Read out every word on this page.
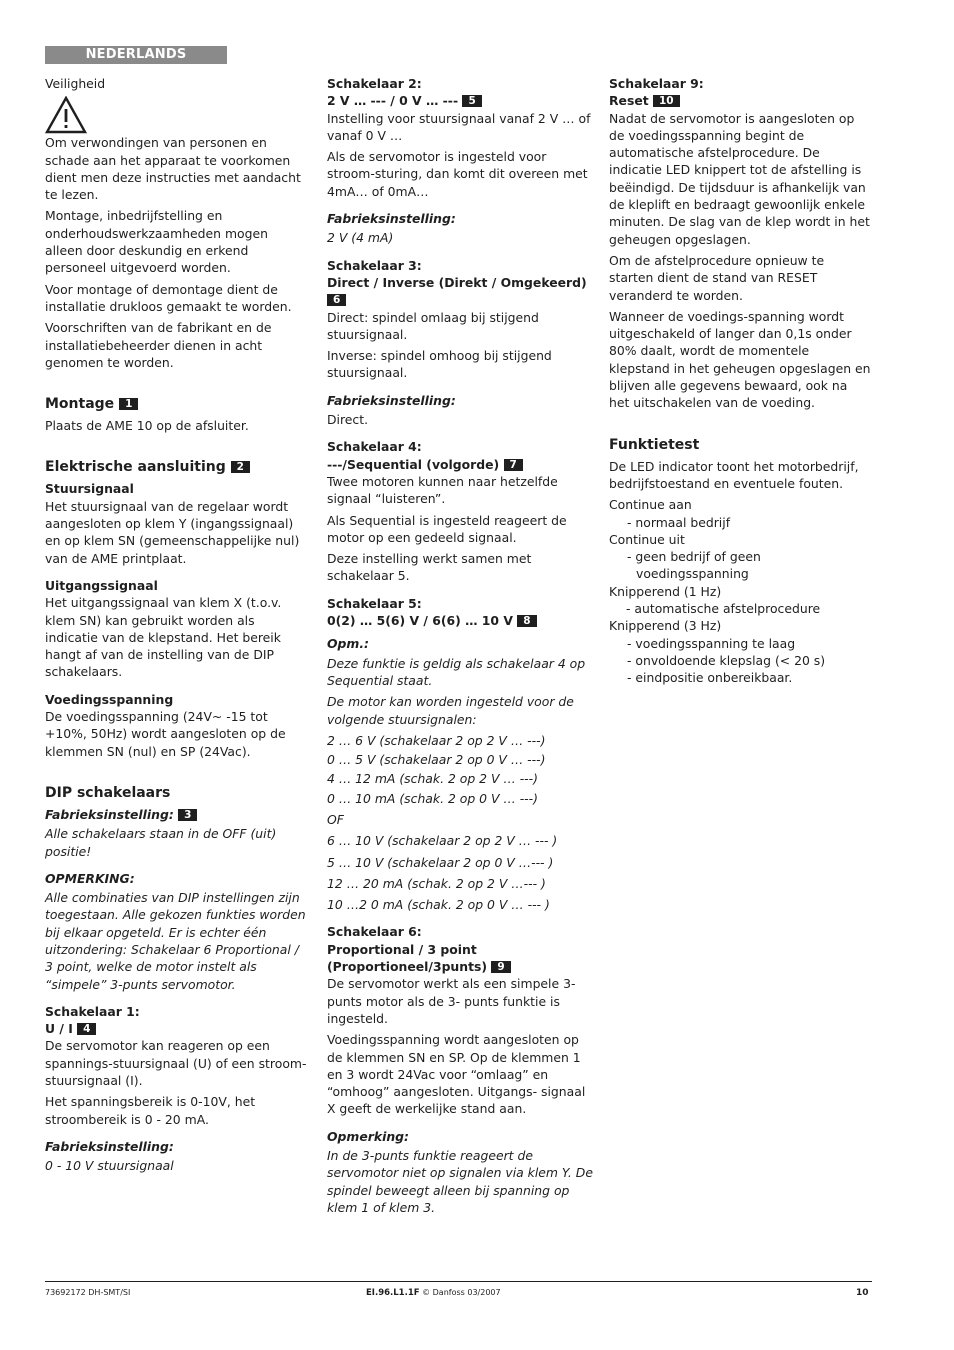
NEDERLANDS

Veiligheid

Om verwondingen van personen en schade aan het apparaat te voorkomen dient men deze instructies met aandacht te lezen.

Montage, inbedrijfstelling en onderhoudswerkzaamheden mogen alleen door deskundig en erkend personeel uitgevoerd worden.

Voor montage of demontage dient de installatie drukloos gemaakt te worden.

Voorschriften van de fabrikant en de installatiebeheerder dienen in acht genomen te worden.

Montage 1

Plaats de AME 10 op de afsluiter.

Elektrische aansluiting 2

Stuursignaal

Het stuursignaal van de regelaar wordt aangesloten op klem Y (ingangssignaal) en op klem SN (gemeenschappelijke nul) van de AME printplaat.

Uitgangssignaal

Het uitgangssignaal van klem X (t.o.v. klem SN) kan gebruikt worden als indicatie van de klepstand. Het bereik hangt af van de instelling van de DIP schakelaars.

Voedingsspanning

De voedingsspanning (24V~ -15 tot +10%, 50Hz) wordt aangesloten op de klemmen SN (nul) en SP (24Vac).

DIP schakelaars

Fabrieksinstelling: 3

Alle schakelaars staan in de OFF (uit) positie!

OPMERKING:

Alle combinaties van DIP instellingen zijn toegestaan. Alle gekozen funkties worden bij elkaar opgeteld. Er is echter één uitzondering: Schakelaar 6 Proportional / 3 point, welke de motor instelt als “simpele” 3-punts servomotor.

Schakelaar 1:

U / I 4

De servomotor kan reageren op een spannings-stuursignaal (U) of een stroom-stuursignaal (I).

Het spanningsbereik is 0-10V, het stroombereik is 0 - 20 mA.

Fabrieksinstelling:

0 - 10 V stuursignaal

Schakelaar 2:

2 V … --- / 0 V … --- 5

Instelling voor stuursignaal vanaf 2 V … of vanaf 0 V …

Als de servomotor is ingesteld voor stroom-sturing, dan komt dit overeen met 4mA… of 0mA…

Fabrieksinstelling:

2 V (4 mA)

Schakelaar 3:

Direct / Inverse (Direkt / Omgekeerd) 6

Direct: spindel omlaag bij stijgend stuursignaal.

Inverse: spindel omhoog bij stijgend stuursignaal.

Fabrieksinstelling:

Direct.

Schakelaar 4:

---/Sequential (volgorde) 7

Twee motoren kunnen naar hetzelfde signaal “luisteren”.

Als Sequential is ingesteld reageert de motor op een gedeeld signaal.

Deze instelling werkt samen met schakelaar 5.

Schakelaar 5:

0(2) … 5(6) V / 6(6) … 10 V 8

Opm.:

Deze funktie is geldig als schakelaar 4 op Sequential staat.

De motor kan worden ingesteld voor de volgende stuursignalen:

2 … 6 V (schakelaar 2 op 2 V … ---)

0 … 5 V (schakelaar 2 op 0 V … ---)

4 … 12 mA (schak. 2 op 2 V … ---)

0 … 10 mA (schak. 2 op 0 V … ---)

OF

6 … 10 V (schakelaar 2 op 2 V … --- )

5 … 10 V (schakelaar 2 op 0 V …--- )

12 … 20 mA (schak. 2 op 2 V …--- )

10 …2 0 mA (schak. 2 op 0 V … --- )

Schakelaar 6:

Proportional / 3 point

(Proportioneel/3punts) 9

De servomotor werkt als een simpele 3-punts motor als de 3- punts funktie is ingesteld.

Voedingsspanning wordt aangesloten op de klemmen SN en SP. Op de klemmen 1 en 3 wordt 24Vac voor “omlaag” en “omhoog” aangesloten. Uitgangs- signaal X geeft de werkelijke stand aan.

Opmerking:

In de 3-punts funktie reageert de servomotor niet op signalen via klem Y. De spindel beweegt alleen bij spanning op klem 1 of klem 3.

Schakelaar 9:

Reset 10

Nadat de servomotor is aangesloten op de voedingsspanning begint de automatische afstelprocedure. De indicatie LED knippert tot de afstelling is beëindigd. De tijdsduur is afhankelijk van de kleplift en bedraagt gewoonlijk enkele minuten. De slag van de klep wordt in het geheugen opgeslagen.

Om de afstelprocedure opnieuw te starten dient de stand van RESET veranderd te worden.

Wanneer de voedings-spanning wordt uitgeschakeld of langer dan 0,1s onder 80% daalt, wordt de momentele klepstand in het geheugen opgeslagen en blijven alle gegevens bewaard, ook na het uitschakelen van de voeding.

Funktietest

De LED indicator toont het motorbedrijf, bedrijfstoestand en eventuele fouten.

Continue aan

- normaal bedrijf

Continue uit

- geen bedrijf of geen

voedingsspanning

Knipperend (1 Hz)

- automatische afstelprocedure

Knipperend (3 Hz)

- voedingsspanning te laag

- onvoldoende klepslag (< 20 s)

- eindpositie onbereikbaar.

73692172 DH-SMT/SI	EI.96.L1.1F © Danfoss 03/2007	10
